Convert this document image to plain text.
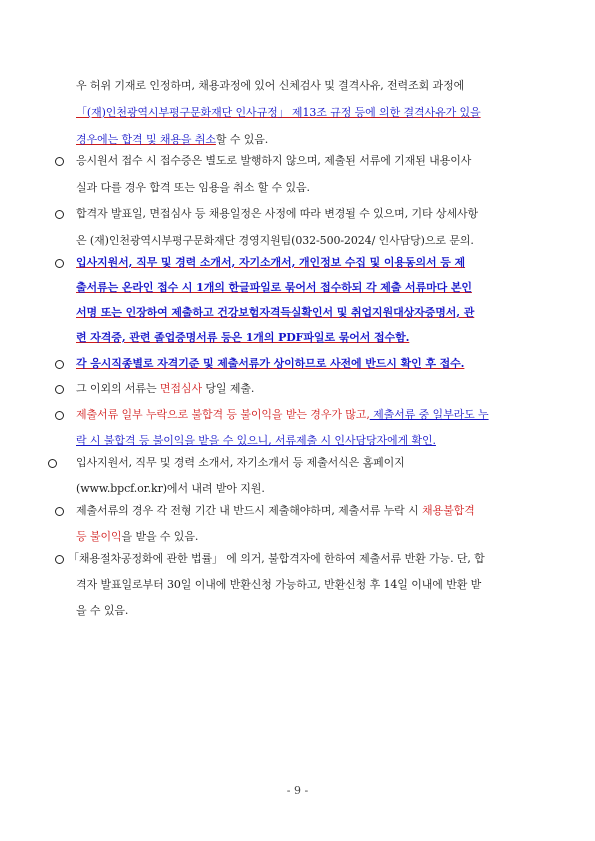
우 허위 기재로 인정하며, 채용과정에 있어 신체검사 및 결격사유, 전력조회 과정에
「(재)인천광역시부평구문화재단 인사규정」 제13조 규정 등에 의한 결격사유가 있을
경우에는 합격 및 채용을 취소할 수 있음.
응시원서 접수 시 접수증은 별도로 발행하지 않으며, 제출된 서류에 기재된 내용이사
실과 다를 경우 합격 또는 임용을 취소 할 수 있음.
합격자 발표일, 면접심사 등 채용일정은 사정에 따라 변경될 수 있으며, 기타 상세사항
은 (재)인천광역시부평구문화재단 경영지원팀(032-500-2024/ 인사담당)으로 문의.
입사지원서, 직무 및 경력 소개서, 자기소개서, 개인정보 수집 및 이용동의서 등 제
출서류는 온라인 접수 시 1개의 한글파일로 묶어서 접수하되 각 제출 서류마다 본인
서명 또는 인장하여 제출하고 건강보험자격득실확인서 및 취업지원대상자증명서, 관
련 자격증, 관련 졸업증명서류 등은 1개의 PDF파일로 묶어서 접수함.
각 응시직종별로 자격기준 및 제출서류가 상이하므로 사전에 반드시 확인 후 접수.
그 이외의 서류는 면접심사 당일 제출.
제출서류 일부 누락으로 불합격 등 불이익을 받는 경우가 많고, 제출서류 중 일부라도 누
락 시 불합격 등 불이익을 받을 수 있으니, 서류제출 시 인사담당자에게 확인.
입사지원서, 직무 및 경력 소개서, 자기소개서 등 제출서식은 홈페이지
(www.bpcf.or.kr)에서 내려 받아 지원.
제출서류의 경우 각 전형 기간 내 반드시 제출해야하며, 제출서류 누락 시 채용불합격
등 불이익을 받을 수 있음.
「채용절차공정화에 관한 법률」 에 의거, 불합격자에 한하여 제출서류 반환 가능. 단, 합
격자 발표일로부터 30일 이내에 반환신청 가능하고, 반환신청 후 14일 이내에 반환 받
을 수 있음.
- 9 -
